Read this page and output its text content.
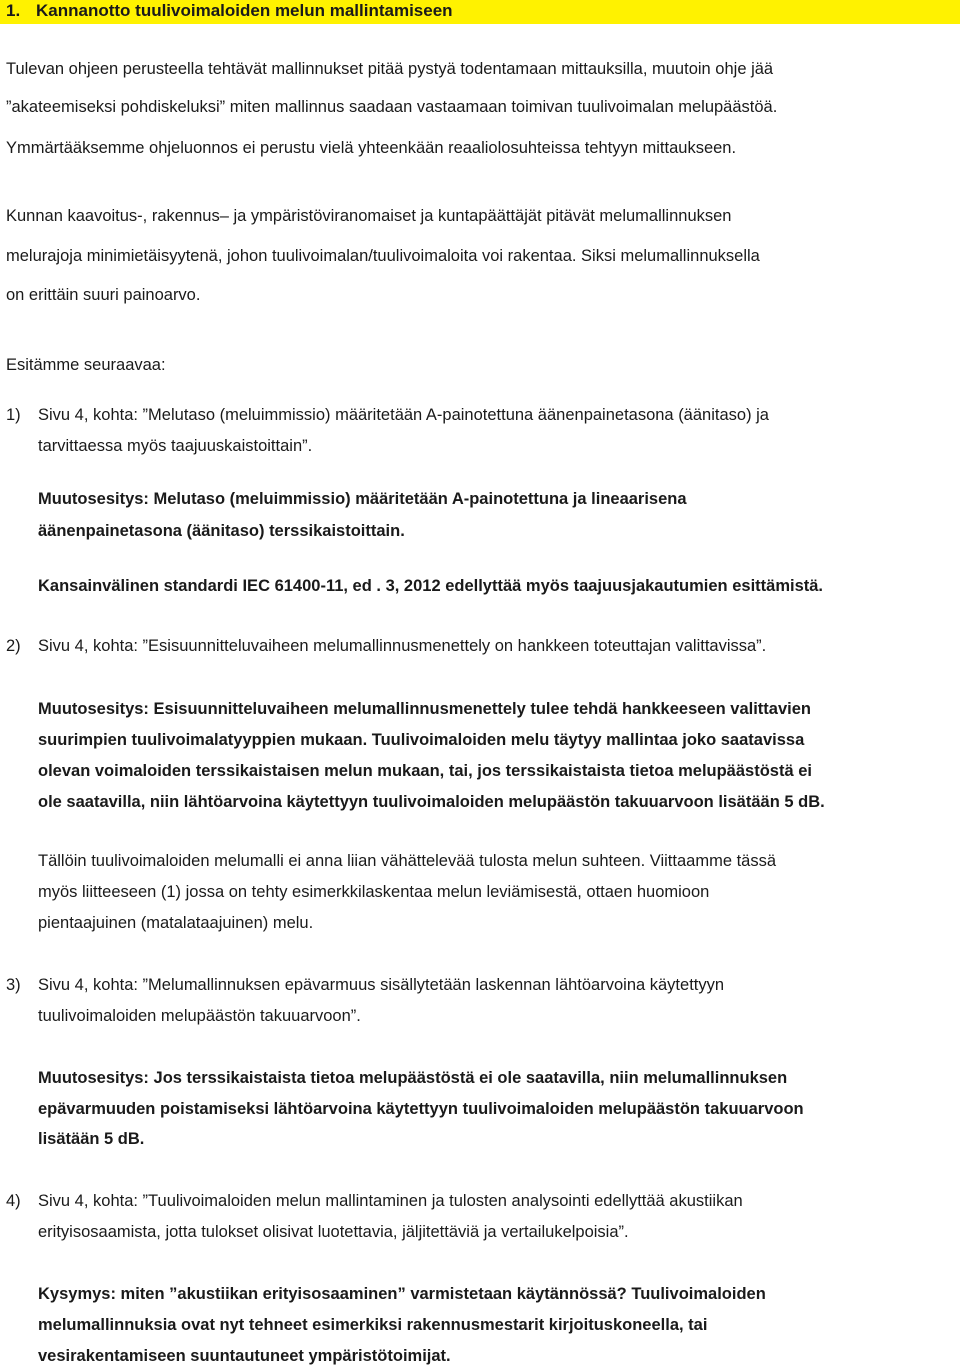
1. Kannanotto tuulivoimaloiden melun mallintamiseen
Tulevan ohjeen perusteella tehtävät mallinnukset pitää pystyä todentamaan mittauksilla, muutoin ohje jää
”akateemiseksi pohdiskeluksi” miten mallinnus saadaan vastaamaan toimivan tuulivoimalan melupäästöä.
Ymmärtääksemme ohjeluonnos ei perustu vielä yhteenkään reaaliolosuhteissa tehtyyn mittaukseen.
Kunnan kaavoitus-, rakennus– ja ympäristöviranomaiset ja kuntapäättäjät pitävät melumallinnuksen
melurajoja minimietäisyytenä, johon tuulivoimalan/tuulivoimaloita voi rakentaa. Siksi melumallinnuksella
on erittäin suuri painoarvo.
Esitämme seuraavaa:
1) Sivu 4, kohta: ”Melutaso (meluimmissio) määritetään A-painotettuna äänenpainetasona (äänitaso) ja
tarvittaessa myös taajuuskaistoittain”.
Muutosesitys: Melutaso (meluimmissio) määritetään A-painotettuna ja lineaarisena
äänenpainetasona (äänitaso) terssikaistoittain.
Kansainvälinen standardi IEC 61400-11, ed . 3, 2012 edellyttää myös taajuusjakautumien esittämistä.
2) Sivu 4, kohta: ”Esisuunnitteluvaiheen melumallinnusmenettely on hankkeen toteuttajan valittavissa”.
Muutosesitys: Esisuunnitteluvaiheen melumallinnusmenettely tulee tehdä hankkeeseen valittavien
suurimpien tuulivoimalatyyppien mukaan. Tuulivoimaloiden melu täytyy mallintaa joko saatavissa
olevan voimaloiden terssikaistaisen melun mukaan, tai, jos terssikaistaista tietoa melupäästöstä ei
ole saatavilla, niin lähtöarvoina käytettyyn tuulivoimaloiden melupäästön takuuarvoon lisätään 5 dB.
Tällöin tuulivoimaloiden melumalli ei anna liian vähättelevää tulosta melun suhteen. Viittaamme tässä
myös liitteeseen (1) jossa on tehty esimerkkilaskentaa melun leviämisestä, ottaen huomioon
pientaajuinen (matalataajuinen) melu.
3) Sivu 4, kohta: ”Melumallinnuksen epävarmuus sisällytetään laskennan lähtöarvoina käytettyyn
tuulivoimaloiden melupäästön takuuarvoon”.
Muutosesitys: Jos terssikaistaista tietoa melupäästöstä ei ole saatavilla, niin melumallinnuksen
epävarmuuden poistamiseksi lähtöarvoina käytettyyn tuulivoimaloiden melupäästön takuuarvoon
lisätään 5 dB.
4) Sivu 4, kohta: ”Tuulivoimaloiden melun mallintaminen ja tulosten analysointi edellyttää akustiikan
erityisosaamista, jotta tulokset olisivat luotettavia, jäljitettäviä ja vertailukelpoisia”.
Kysymys: miten ”akustiikan erityisosaaminen” varmistetaan käytännössä? Tuulivoimaloiden
melumallinnuksia ovat nyt tehneet esimerkiksi rakennusmestarit kirjoituskoneella, tai
vesirakentamiseen suuntautuneet ympäristötoimijat.
